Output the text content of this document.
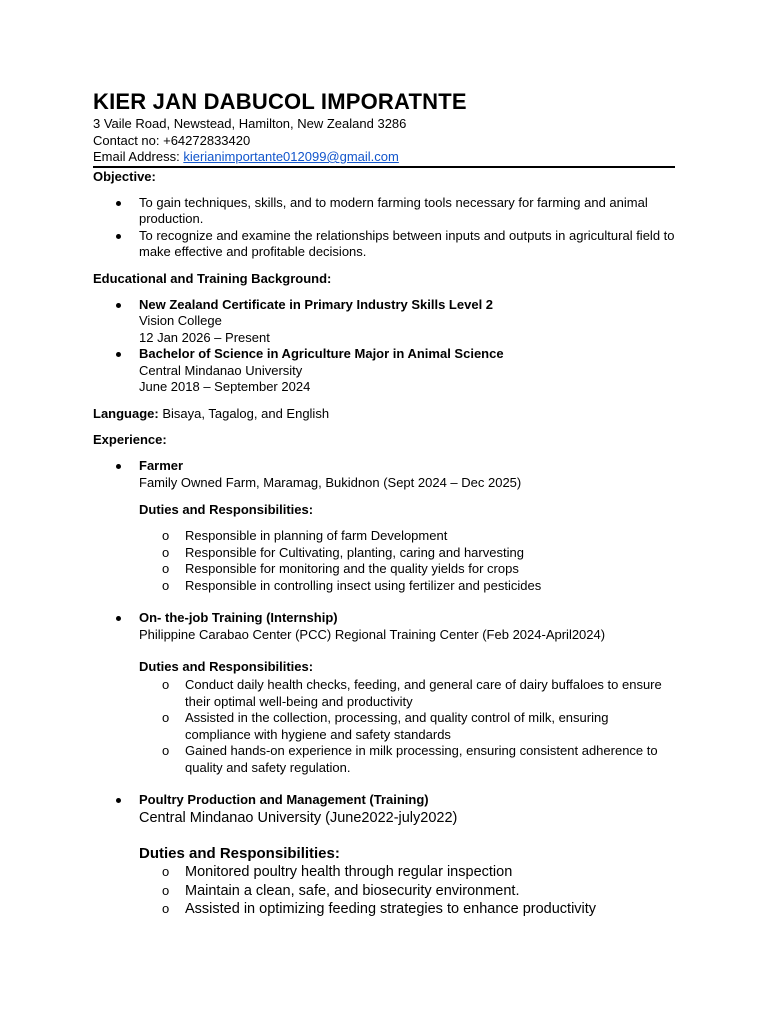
KIER JAN DABUCOL IMPORATNTE
3 Vaile Road, Newstead, Hamilton, New Zealand 3286
Contact no: +64272833420
Email Address: kierianimportante012099@gmail.com
Objective:
To gain techniques, skills, and to modern farming tools necessary for farming and animal production.
To recognize and examine the relationships between inputs and outputs in agricultural field to make effective and profitable decisions.
Educational and Training Background:
New Zealand Certificate in Primary Industry Skills Level 2
Vision College
12 Jan 2026 – Present
Bachelor of Science in Agriculture Major in Animal Science
Central Mindanao University
June 2018 – September 2024
Language: Bisaya, Tagalog, and English
Experience:
Farmer
Family Owned Farm, Maramag, Bukidnon (Sept 2024 – Dec 2025)
Duties and Responsibilities:
o Responsible in planning of farm Development
o Responsible for Cultivating, planting, caring and harvesting
o Responsible for monitoring and the quality yields for crops
o Responsible in controlling insect using fertilizer and pesticides
On- the-job Training (Internship)
Philippine Carabao Center (PCC) Regional Training Center (Feb 2024-April2024)
Duties and Responsibilities:
o Conduct daily health checks, feeding, and general care of dairy buffaloes to ensure their optimal well-being and productivity
o Assisted in the collection, processing, and quality control of milk, ensuring compliance with hygiene and safety standards
o Gained hands-on experience in milk processing, ensuring consistent adherence to quality and safety regulation.
Poultry Production and Management (Training)
Central Mindanao University (June2022-july2022)
Duties and Responsibilities:
o Monitored poultry health through regular inspection
o Maintain a clean, safe, and biosecurity environment.
o Assisted in optimizing feeding strategies to enhance productivity
